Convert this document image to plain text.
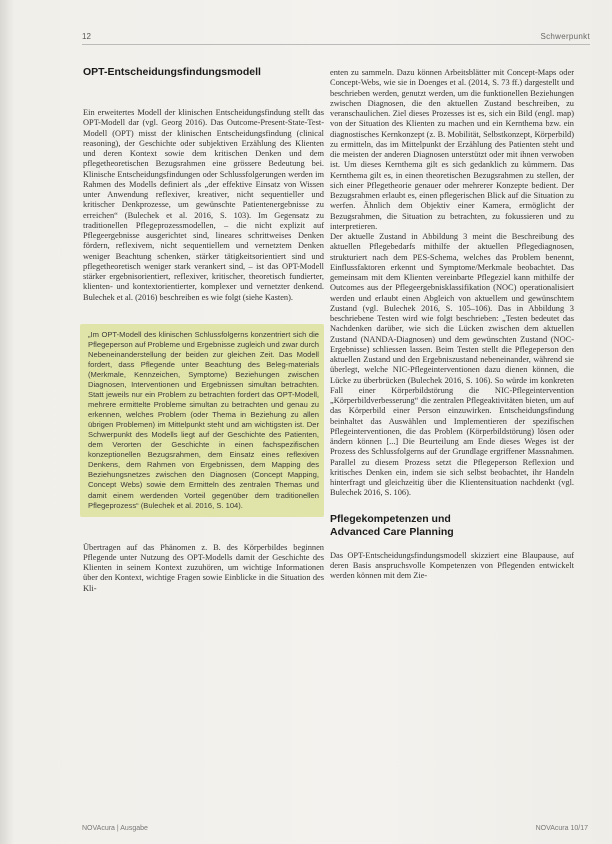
12	Schwerpunkt
OPT-Entscheidungsfindungsmodell

Ein erweitertes Modell der klinischen Entscheidungsfindung stellt das OPT-Modell dar (vgl. Georg 2016). Das Outcome-Present-State-Test-Modell (OPT) misst der klinischen Entscheidungsfindung (clinical reasoning), der Geschichte oder subjektiven Erzählung des Klienten und deren Kontext sowie dem kritischen Denken und dem pflegetheoretischen Bezugsrahmen eine grössere Bedeutung bei. Klinische Entscheidungsfindungen oder Schlussfolgerungen werden im Rahmen des Modells definiert als „der effektive Einsatz von Wissen unter Anwendung reflexiver, kreativer, nicht sequentieller und kritischer Denkprozesse, um gewünschte Patientenergebnisse zu erreichen“ (Bulechek et al. 2016, S. 103). Im Gegensatz zu traditionellen Pflegeprozessmodellen, – die nicht explizit auf Pflegeergebnisse ausgerichtet sind, lineares schrittweises Denken fördern, reflexivem, nicht sequentiellem und vernetztem Denken weniger Beachtung schenken, stärker tätigkeitsorientiert sind und pflegetheoretisch weniger stark verankert sind, – ist das OPT-Modell stärker ergebnisorientiert, reflexiver, kritischer, theoretisch fundierter, klienten- und kontextorientierter, komplexer und vernetzter denkend. Bulechek et al. (2016) beschreiben es wie folgt (siehe Kasten).

„Im OPT-Modell des klinischen Schlussfolgerns konzentriert sich die Pflegeperson auf Probleme und Ergebnisse zugleich und zwar durch Nebeneinanderstellung der beiden zur gleichen Zeit. Das Modell fordert, dass Pflegende unter Beachtung des Beleg-materials (Merkmale, Kennzeichen, Symptome) Beziehungen zwischen Diagnosen, Interventionen und Ergebnissen simultan betrachten. Statt jeweils nur ein Problem zu betrachten fordert das OPT-Modell, mehrere ermittelte Probleme simultan zu betrachten und genau zu erkennen, welches Problem (oder Thema in Beziehung zu allen übrigen Problemen) im Mittelpunkt steht und am wichtigsten ist. Der Schwerpunkt des Modells liegt auf der Geschichte des Patienten, dem Verorten der Geschichte in einen fachspezifischen konzeptionellen Bezugsrahmen, dem Einsatz eines reflexiven Denkens, dem Rahmen von Ergebnissen, dem Mapping des Beziehungsnetzes zwischen den Diagnosen (Concept Mapping, Concept Webs) sowie dem Ermitteln des zentralen Themas und damit einem werdenden Vorteil gegenüber dem traditionellen Pflegeprozess“ (Bulechek et al. 2016, S. 104).

Übertragen auf das Phänomen z. B. des Körperbildes beginnen Pflegende unter Nutzung des OPT-Modells damit der Geschichte des Klienten in seinem Kontext zuzuhören, um wichtige Informationen über den Kontext, wichtige Fragen sowie Einblicke in die Situation des Kli-

enten zu sammeln. Dazu können Arbeitsblätter mit Concept-Maps oder Concept-Webs, wie sie in Doenges et al. (2014, S. 73 ff.) dargestellt und beschrieben werden, genutzt werden, um die funktionellen Beziehungen zwischen Diagnosen, die den aktuellen Zustand beschreiben, zu veranschaulichen. Ziel dieses Prozesses ist es, sich ein Bild (engl. map) von der Situation des Klienten zu machen und ein Kernthema bzw. ein diagnostisches Kernkonzept (z. B. Mobilität, Selbstkonzept, Körperbild) zu ermitteln, das im Mittelpunkt der Erzählung des Patienten steht und die meisten der anderen Diagnosen unterstützt oder mit ihnen verwoben ist. Um dieses Kernthema gilt es sich gedanklich zu kümmern. Das Kernthema gilt es, in einen theoretischen Bezugsrahmen zu stellen, der sich einer Pflegetheorie genauer oder mehrerer Konzepte bedient. Der Bezugsrahmen erlaubt es, einen pflegerischen Blick auf die Situation zu werfen. Ähnlich dem Objektiv einer Kamera, ermöglicht der Bezugsrahmen, die Situation zu betrachten, zu fokussieren und zu interpretieren.

Der aktuelle Zustand in Abbildung 3 meint die Beschreibung des aktuellen Pflegebedarfs mithilfe der aktuellen Pflegediagnosen, strukturiert nach dem PES-Schema, welches das Problem benennt, Einflussfaktoren erkennt und Symptome/Merkmale beobachtet. Das gemeinsam mit dem Klienten vereinbarte Pflegeziel kann mithilfe der Outcomes aus der Pflegeergebnisklassifikation (NOC) operationalisiert werden und erlaubt einen Abgleich von aktuellem und gewünschtem Zustand (vgl. Bulechek 2016, S. 105–106). Das in Abbildung 3 beschriebene Testen wird wie folgt beschrieben: „Testen bedeutet das Nachdenken darüber, wie sich die Lücken zwischen dem aktuellen Zustand (NANDA-Diagnosen) und dem gewünschten Zustand (NOC-Ergebnisse) schliessen lassen. Beim Testen stellt die Pflegeperson den aktuellen Zustand und den Ergebniszustand nebeneinander, während sie überlegt, welche NIC-Pflegeinterventionen dazu dienen können, die Lücke zu überbrücken (Bulechek 2016, S. 106). So würde im konkreten Fall einer Körperbildstörung die NIC-Pflegeintervention „Körperbildverbesserung“ die zentralen Pflegeaktivitäten bieten, um auf das Körperbild einer Person einzuwirken. Entscheidungsfindung beinhaltet das Auswählen und Implementieren der spezifischen Pflegeinterventionen, die das Problem (Körperbildstörung) lösen oder ändern können [...] Die Beurteilung am Ende dieses Weges ist der Prozess des Schlussfolgerns auf der Grundlage ergriffener Massnahmen. Parallel zu diesem Prozess setzt die Pflegeperson Reflexion und kritisches Denken ein, indem sie sich selbst beobachtet, ihr Handeln hinterfragt und gleichzeitig über die Klientensituation nachdenkt (vgl. Bulechek 2016, S. 106).

Pflegekompetenzen und
Advanced Care Planning

Das OPT-Entscheidungsfindungsmodell skizziert eine Blaupause, auf deren Basis anspruchsvolle Kompetenzen von Pflegenden entwickelt werden können mit dem Zie-

NOVAcura | Ausgabe	NOVAcura 10/17
